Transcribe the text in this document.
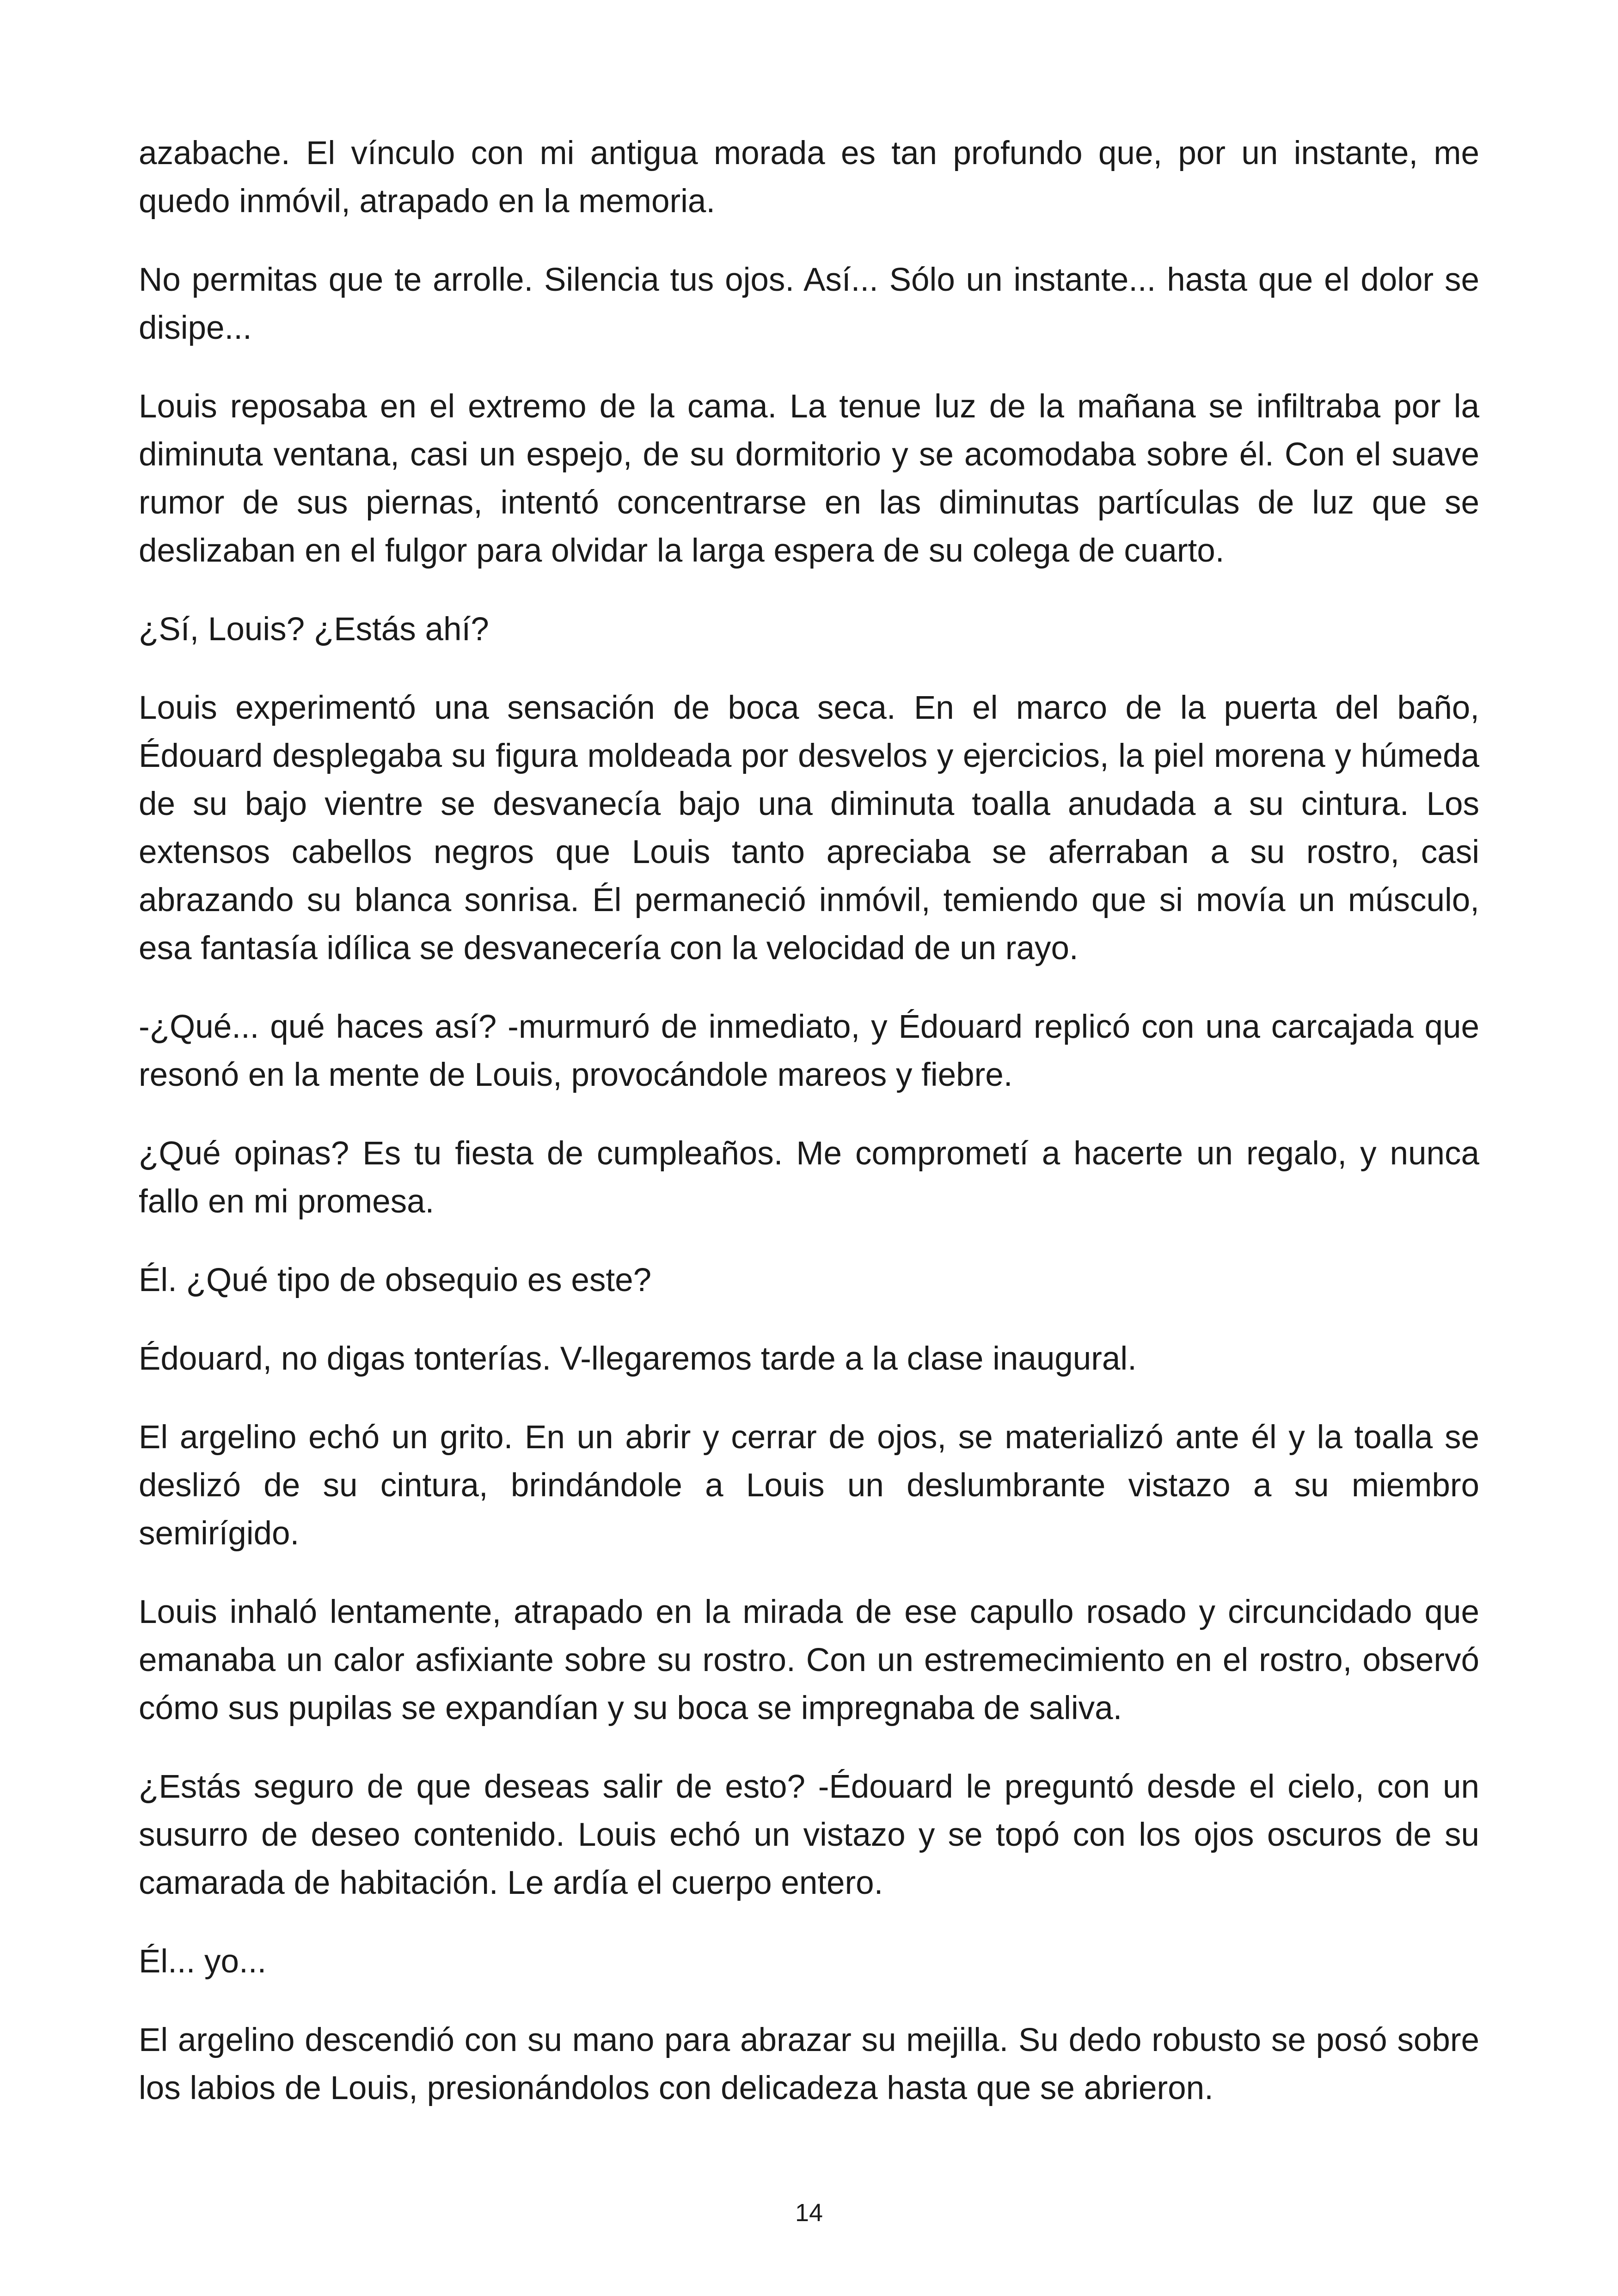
azabache. El vínculo con mi antigua morada es tan profundo que, por un instante, me quedo inmóvil, atrapado en la memoria.

No permitas que te arrolle. Silencia tus ojos. Así... Sólo un instante... hasta que el dolor se disipe...

Louis reposaba en el extremo de la cama. La tenue luz de la mañana se infiltraba por la diminuta ventana, casi un espejo, de su dormitorio y se acomodaba sobre él. Con el suave rumor de sus piernas, intentó concentrarse en las diminutas partículas de luz que se deslizaban en el fulgor para olvidar la larga espera de su colega de cuarto.

¿Sí, Louis? ¿Estás ahí?

Louis experimentó una sensación de boca seca. En el marco de la puerta del baño, Édouard desplegaba su figura moldeada por desvelos y ejercicios, la piel morena y húmeda de su bajo vientre se desvanecía bajo una diminuta toalla anudada a su cintura. Los extensos cabellos negros que Louis tanto apreciaba se aferraban a su rostro, casi abrazando su blanca sonrisa. Él permaneció inmóvil, temiendo que si movía un músculo, esa fantasía idílica se desvanecería con la velocidad de un rayo.

-¿Qué... qué haces así? -murmuró de inmediato, y Édouard replicó con una carcajada que resonó en la mente de Louis, provocándole mareos y fiebre.

¿Qué opinas? Es tu fiesta de cumpleaños. Me comprometí a hacerte un regalo, y nunca fallo en mi promesa.

Él. ¿Qué tipo de obsequio es este?

Édouard, no digas tonterías. V-llegaremos tarde a la clase inaugural.

El argelino echó un grito. En un abrir y cerrar de ojos, se materializó ante él y la toalla se deslizó de su cintura, brindándole a Louis un deslumbrante vistazo a su miembro semirígido.

Louis inhaló lentamente, atrapado en la mirada de ese capullo rosado y circuncidado que emanaba un calor asfixiante sobre su rostro. Con un estremecimiento en el rostro, observó cómo sus pupilas se expandían y su boca se impregnaba de saliva.

¿Estás seguro de que deseas salir de esto? -Édouard le preguntó desde el cielo, con un susurro de deseo contenido. Louis echó un vistazo y se topó con los ojos oscuros de su camarada de habitación. Le ardía el cuerpo entero.

Él... yo...

El argelino descendió con su mano para abrazar su mejilla. Su dedo robusto se posó sobre los labios de Louis, presionándolos con delicadeza hasta que se abrieron.

14
